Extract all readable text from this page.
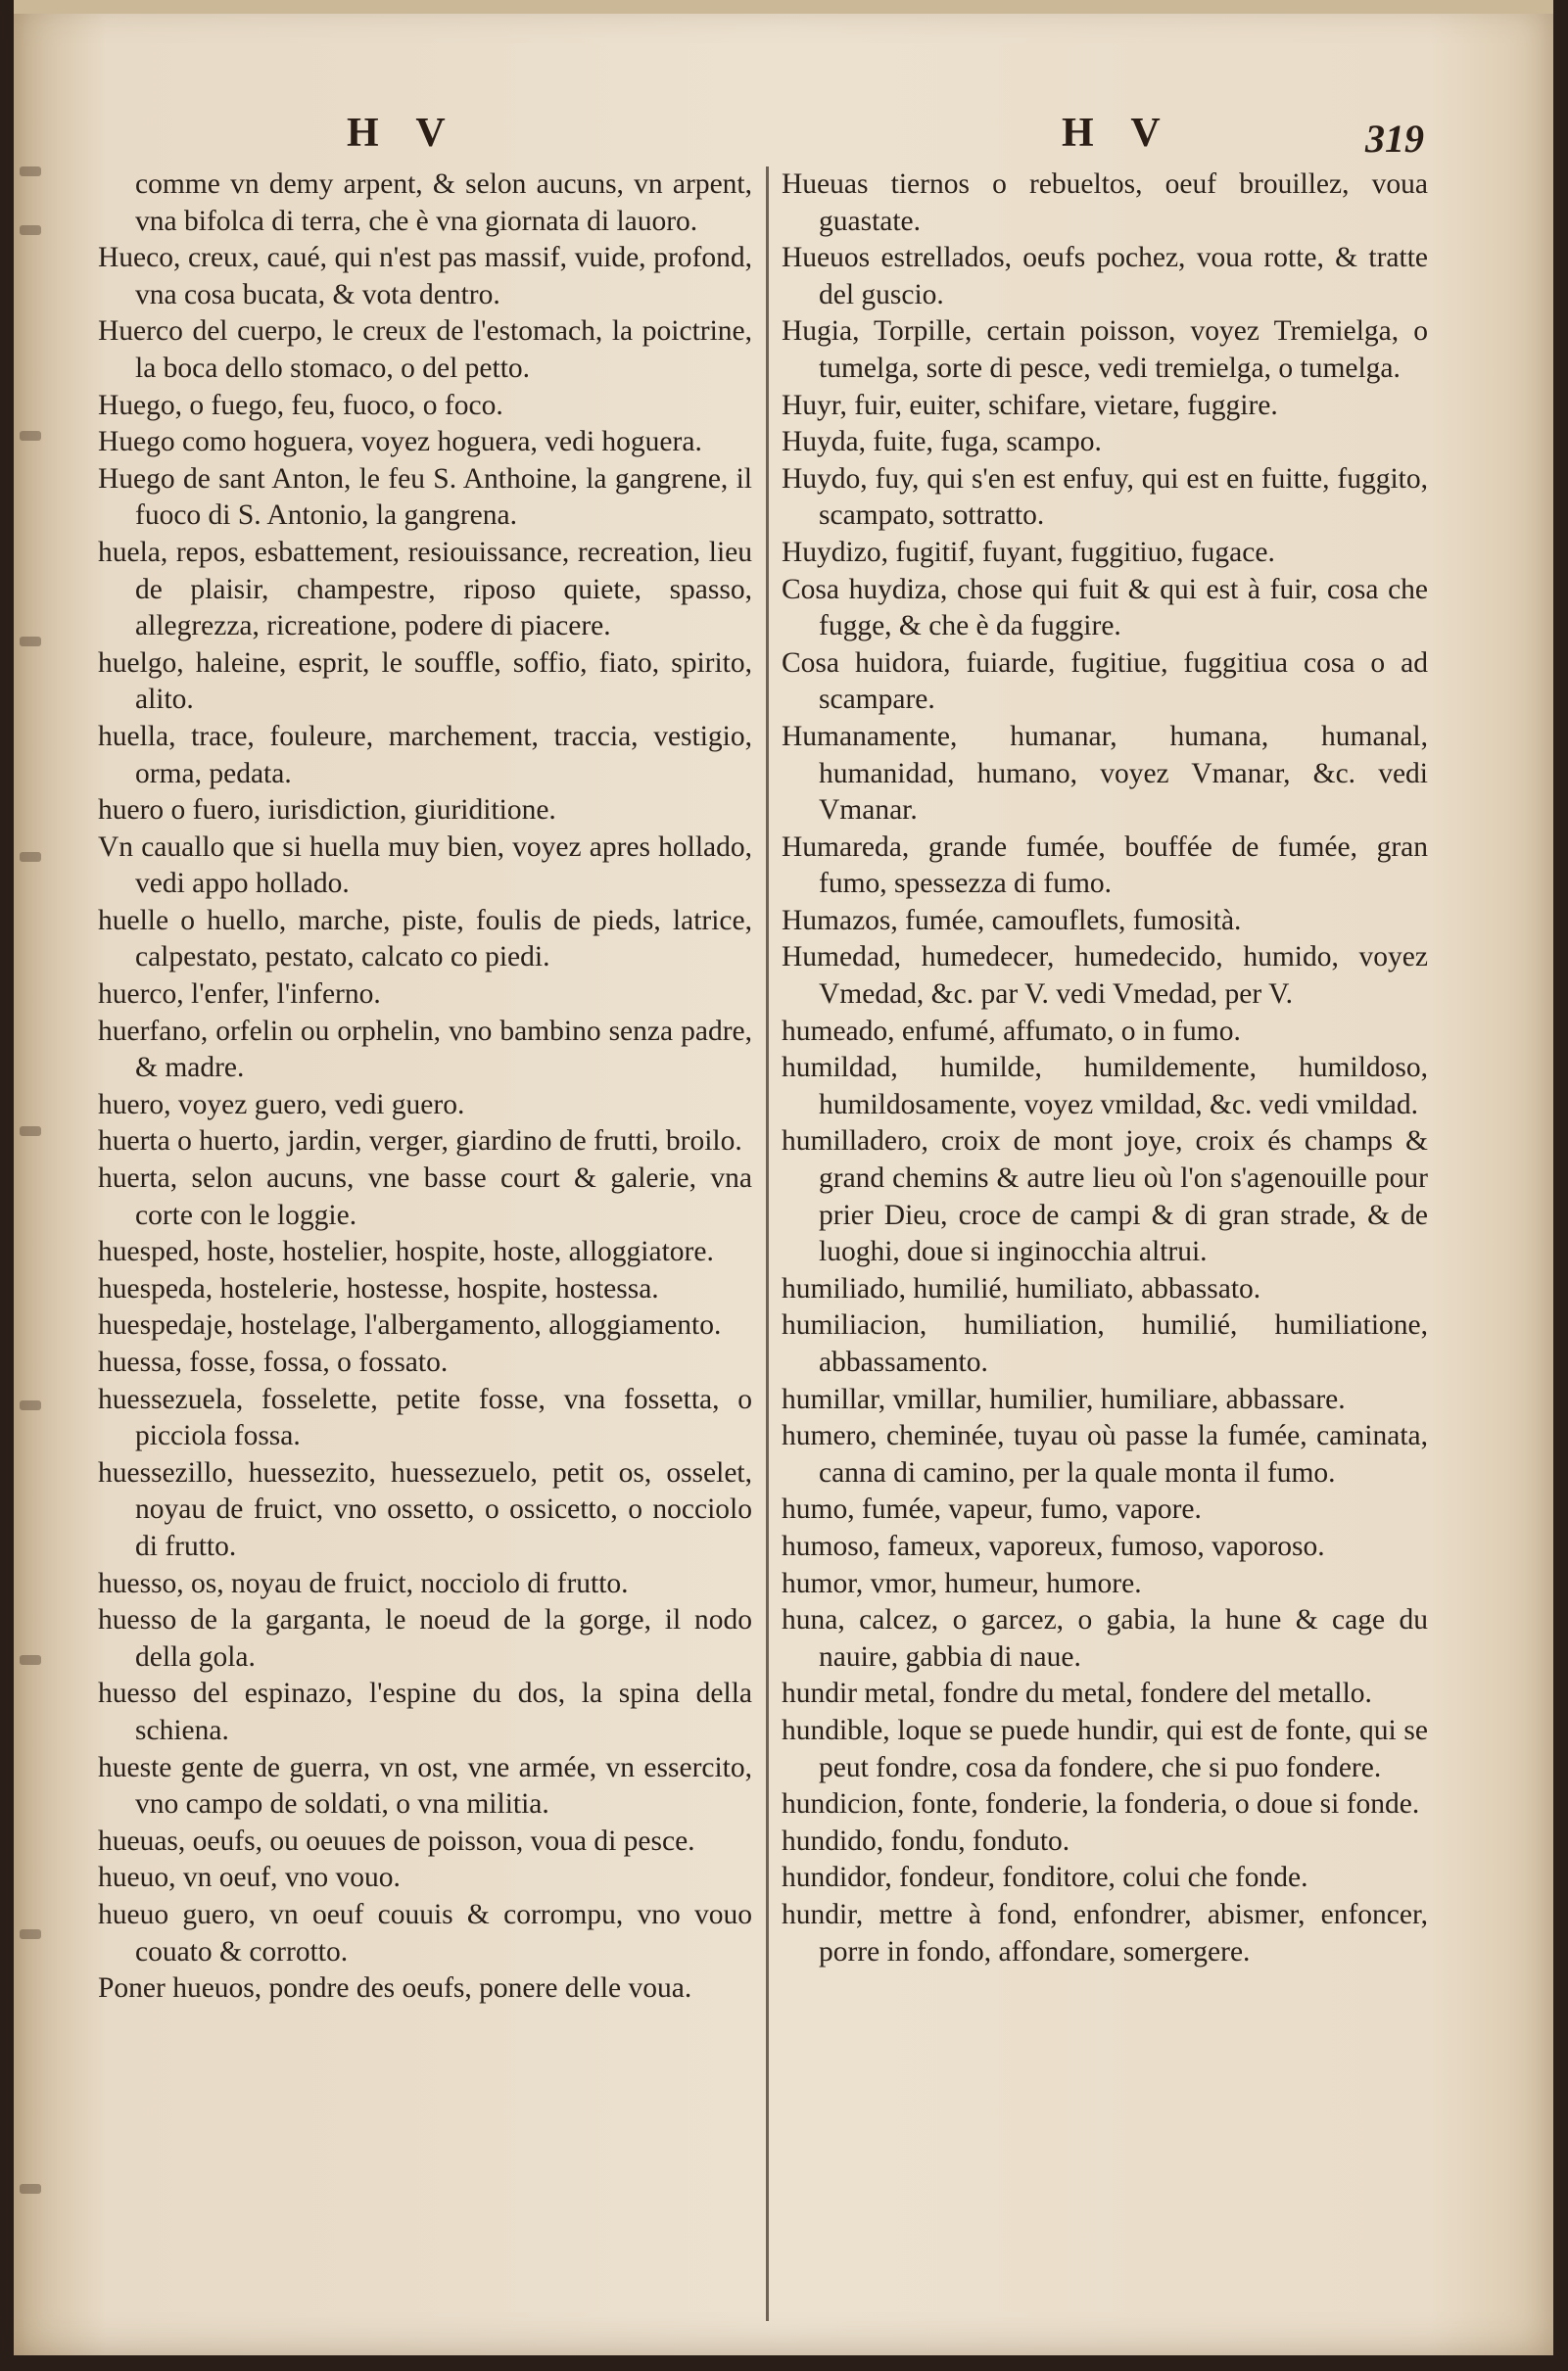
H V	H V	319

comme vn demy arpent, & selon aucuns, vn arpent, vna bifolca di terra, che è vna giornata di lauoro.

Hueco, creux, caué, qui n'est pas massif, vuide, profond, vna cosa bucata, & vota dentro.

Huerco del cuerpo, le creux de l'estomach, la poictrine, la boca dello stomaco, o del petto.

Huego, o fuego, feu, fuoco, o foco.

Huego como hoguera, voyez hoguera, vedi hoguera.

Huego de sant Anton, le feu S. Anthoine, la gangrene, il fuoco di S. Antonio, la gangrena.

huela, repos, esbattement, resiouissance, recreation, lieu de plaisir, champestre, riposo quiete, spasso, allegrezza, ricreatione, podere di piacere.

huelgo, haleine, esprit, le souffle, soffio, fiato, spirito, alito.

huella, trace, fouleure, marchement, traccia, vestigio, orma, pedata.

huero o fuero, iurisdiction, giuriditione.

Vn cauallo que si huella muy bien, voyez apres hollado, vedi appo hollado.

huelle o huello, marche, piste, foulis de pieds, latrice, calpestato, pestato, calcato co piedi.

huerco, l'enfer, l'inferno.

huerfano, orfelin ou orphelin, vno bambino senza padre, & madre.

huero, voyez guero, vedi guero.

huerta o huerto, jardin, verger, giardino de frutti, broilo.

huerta, selon aucuns, vne basse court & galerie, vna corte con le loggie.

huesped, hoste, hostelier, hospite, hoste, alloggiatore.

huespeda, hostelerie, hostesse, hospite, hostessa.

huespedaje, hostelage, l'albergamento, alloggiamento.

huessa, fosse, fossa, o fossato.

huessezuela, fosselette, petite fosse, vna fossetta, o picciola fossa.

huessezillo, huessezito, huessezuelo, petit os, osselet, noyau de fruict, vno ossetto, o ossicetto, o nocciolo di frutto.

huesso, os, noyau de fruict, nocciolo di frutto.

huesso de la garganta, le noeud de la gorge, il nodo della gola.

huesso del espinazo, l'espine du dos, la spina della schiena.

hueste gente de guerra, vn ost, vne armée, vn essercito, vno campo de soldati, o vna militia.

hueuas, oeufs, ou oeuues de poisson, voua di pesce.

hueuo, vn oeuf, vno vouo.

hueuo guero, vn oeuf couuis & corrompu, vno vouo couato & corrotto.

Poner hueuos, pondre des oeufs, ponere delle voua.

Hueuas tiernos o rebueltos, oeuf brouillez, voua guastate.

Hueuos estrellados, oeufs pochez, voua rotte, & tratte del guscio.

Hugia, Torpille, certain poisson, voyez Tremielga, o tumelga, sorte di pesce, vedi tremielga, o tumelga.

Huyr, fuir, euiter, schifare, vietare, fuggire.

Huyda, fuite, fuga, scampo.

Huydo, fuy, qui s'en est enfuy, qui est en fuitte, fuggito, scampato, sottratto.

Huydizo, fugitif, fuyant, fuggitiuo, fugace.

Cosa huydiza, chose qui fuit & qui est à fuir, cosa che fugge, & che è da fuggire.

Cosa huidora, fuiarde, fugitiue, fuggitiua cosa o ad scampare.

Humanamente, humanar, humana, humanal, humanidad, humano, voyez Vmanar, &c. vedi Vmanar.

Humareda, grande fumée, bouffée de fumée, gran fumo, spessezza di fumo.

Humazos, fumée, camouflets, fumosità.

Humedad, humedecer, humedecido, humido, voyez Vmedad, &c. par V. vedi Vmedad, per V.

humeado, enfumé, affumato, o in fumo.

humildad, humilde, humildemente, humildoso, humildosamente, voyez vmildad, &c. vedi vmildad.

humilladero, croix de mont joye, croix és champs & grand chemins & autre lieu où l'on s'agenouille pour prier Dieu, croce de campi & di gran strade, & de luoghi, doue si inginocchia altrui.

humiliado, humilié, humiliato, abbassato.

humiliacion, humiliation, humilié, humiliatione, abbassamento.

humillar, vmillar, humilier, humiliare, abbassare.

humero, cheminée, tuyau où passe la fumée, caminata, canna di camino, per la quale monta il fumo.

humo, fumée, vapeur, fumo, vapore.

humoso, fameux, vaporeux, fumoso, vaporoso.

humor, vmor, humeur, humore.

huna, calcez, o garcez, o gabia, la hune & cage du nauire, gabbia di naue.

hundir metal, fondre du metal, fondere del metallo.

hundible, loque se puede hundir, qui est de fonte, qui se peut fondre, cosa da fondere, che si puo fondere.

hundicion, fonte, fonderie, la fonderia, o doue si fonde.

hundido, fondu, fonduto.

hundidor, fondeur, fonditore, colui che fonde.

hundir, mettre à fond, enfondrer, abismer, enfoncer, porre in fondo, affondare, somergere.
